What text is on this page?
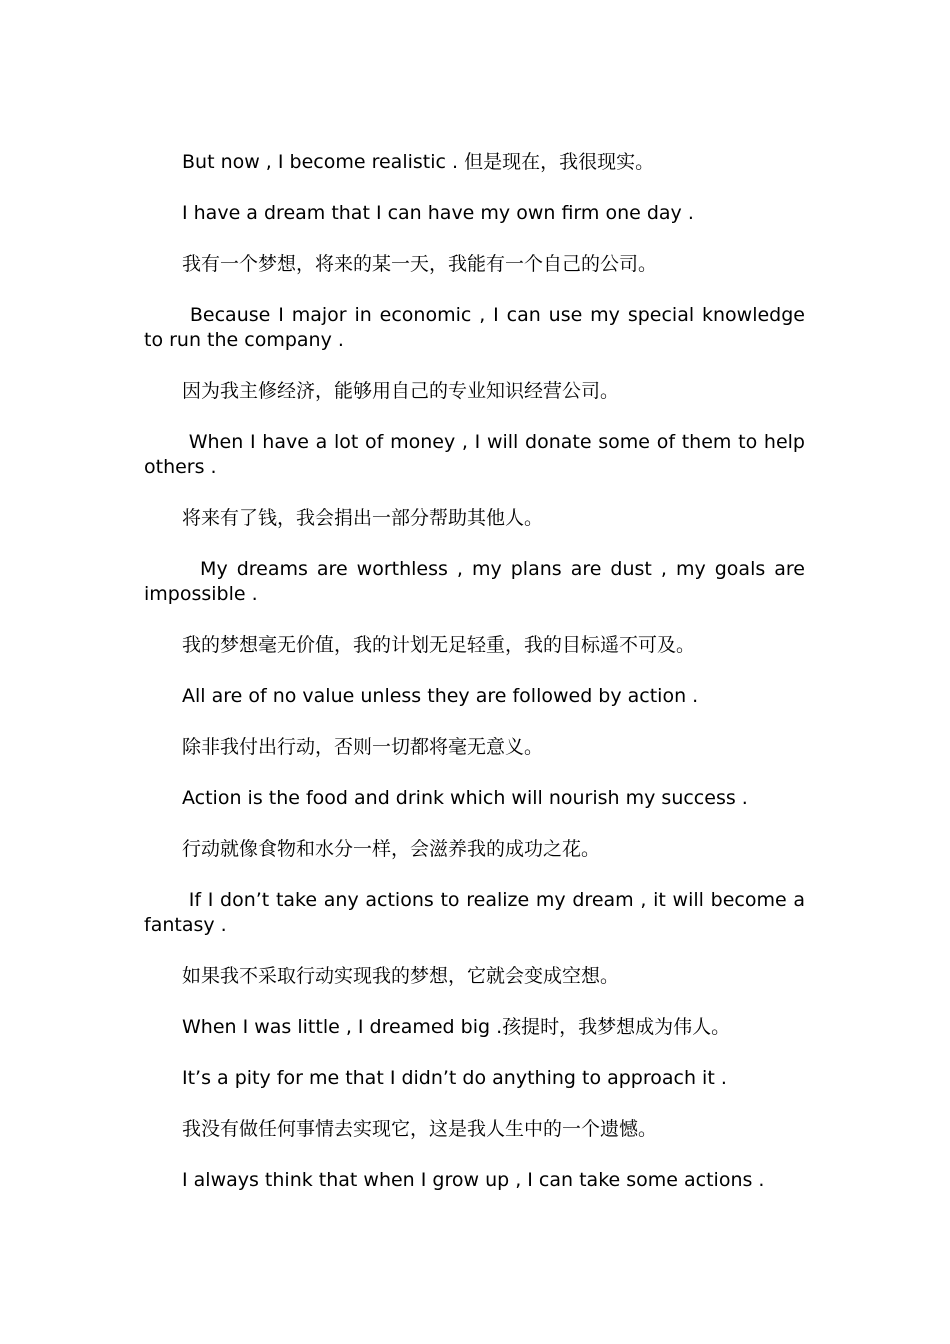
But now , I become realistic . 但是现在，我很现实。

I have a dream that I can have my own firm one day .

我有一个梦想，将来的某一天，我能有一个自己的公司。

Because I major in economic , I can use my special knowledge to run the company .

因为我主修经济，能够用自己的专业知识经营公司。

When I have a lot of money , I will donate some of them to help others .

将来有了钱，我会捐出一部分帮助其他人。

My dreams are worthless , my plans are dust , my goals are impossible .

我的梦想毫无价值，我的计划无足轻重，我的目标遥不可及。

All are of no value unless they are followed by action .

除非我付出行动，否则一切都将毫无意义。

Action is the food and drink which will nourish my success .

行动就像食物和水分一样，会滋养我的成功之花。

If I don’t take any actions to realize my dream , it will become a fantasy .

如果我不采取行动实现我的梦想，它就会变成空想。

When I was little , I dreamed big .孩提时，我梦想成为伟人。

It’s a pity for me that I didn’t do anything to approach it .

我没有做任何事情去实现它，这是我人生中的一个遗憾。

I always think that when I grow up , I can take some actions .
